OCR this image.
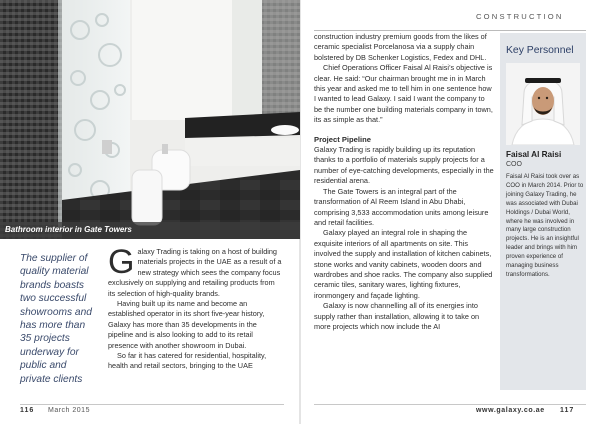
Bathroom interior in Gate Towers
The supplier of quality material brands boasts two successful showrooms and has more than 35 projects underway for public and private clients

Galaxy Trading is taking on a host of building materials projects in the UAE as a result of a new strategy which sees the company focus exclusively on supplying and retailing products from its selection of high-quality brands.

Having built up its name and become an established operator in its short five-year history, Galaxy has more than 35 developments in the pipeline and is also looking to add to its retail presence with another showroom in Dubai.

So far it has catered for residential, hospitality, health and retail sectors, bringing to the UAE

116 March 2015
CONSTRUCTION

construction industry premium goods from the likes of ceramic specialist Porcelanosa via a supply chain bolstered by DB Schenker Logistics, Fedex and DHL.

Chief Operations Officer Faisal Al Raisi’s objective is clear. He said: “Our chairman brought me in in March this year and asked me to tell him in one sentence how I wanted to lead Galaxy. I said I want the company to be the number one building materials company in town, its as simple as that.”

Project Pipeline

Galaxy Trading is rapidly building up its reputation thanks to a portfolio of materials supply projects for a number of eye-catching developments, especially in the residential arena.

The Gate Towers is an integral part of the transformation of Al Reem Island in Abu Dhabi, comprising 3,533 accommodation units among leisure and retail facilities.

Galaxy played an integral role in shaping the exquisite interiors of all apartments on site. This involved the supply and installation of kitchen cabinets, stone works and vanity cabinets, wooden doors and wardrobes and shoe racks. The company also supplied ceramic tiles, sanitary wares, lighting fixtures, ironmongery and façade lighting.

Galaxy is now channelling all of its energies into supply rather than installation, allowing it to take on more projects which now include the AI

Key Personnel
Faisal Al Raisi
COO
Faisal Al Raisi took over as COO in March 2014. Prior to joining Galaxy Trading, he was associated with Dubai Holdings / Dubai World, where he was involved in many large construction projects. He is an insightful leader and brings with him proven experience of managing business transformations.
www.galaxy.co.ae 117
